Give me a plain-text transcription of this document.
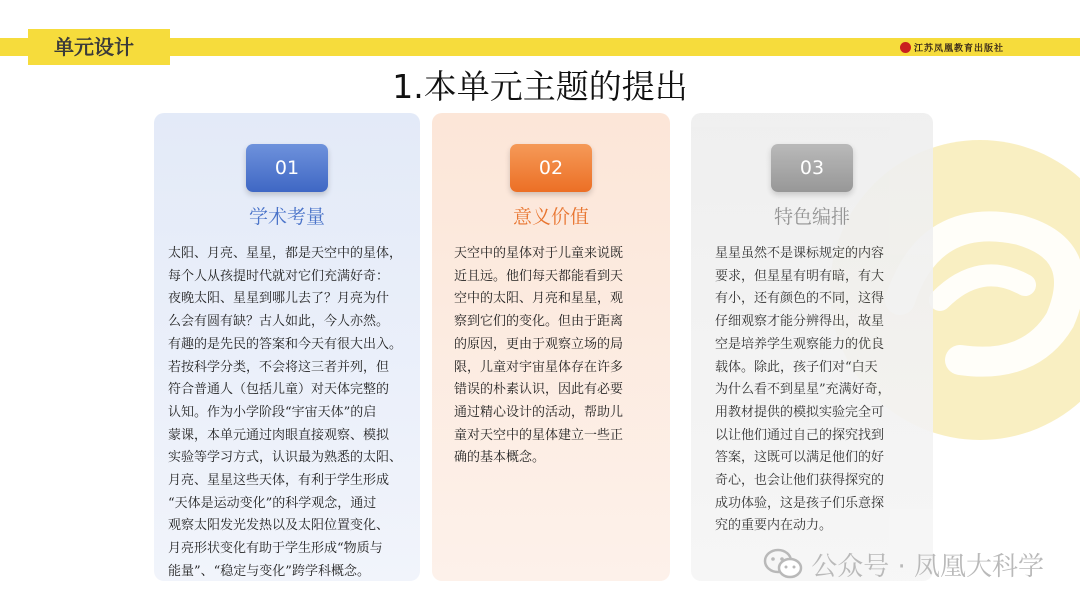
单元设计	江苏凤凰教育出版社
1.本单元主题的提出
01
学术考量
太阳、月亮、星星，都是天空中的星体，
每个人从孩提时代就对它们充满好奇：
夜晚太阳、星星到哪儿去了？月亮为什
么会有圆有缺？古人如此，今人亦然。
有趣的是先民的答案和今天有很大出入。
若按科学分类，不会将这三者并列，但
符合普通人（包括儿童）对天体完整的
认知。作为小学阶段“宇宙天体”的启
蒙课，本单元通过肉眼直接观察、模拟
实验等学习方式，认识最为熟悉的太阳、
月亮、星星这些天体，有利于学生形成
“天体是运动变化”的科学观念，通过
观察太阳发光发热以及太阳位置变化、
月亮形状变化有助于学生形成“物质与
能量”、“稳定与变化”跨学科概念。
02
意义价值
天空中的星体对于儿童来说既
近且远。他们每天都能看到天
空中的太阳、月亮和星星，观
察到它们的变化。但由于距离
的原因，更由于观察立场的局
限，儿童对宇宙星体存在许多
错误的朴素认识，因此有必要
通过精心设计的活动，帮助儿
童对天空中的星体建立一些正
确的基本概念。
03
特色编排
星星虽然不是课标规定的内容
要求，但星星有明有暗，有大
有小，还有颜色的不同，这得
仔细观察才能分辨得出，故星
空是培养学生观察能力的优良
载体。除此，孩子们对“白天
为什么看不到星星”充满好奇，
用教材提供的模拟实验完全可
以让他们通过自己的探究找到
答案，这既可以满足他们的好
奇心，也会让他们获得探究的
成功体验，这是孩子们乐意探
究的重要内在动力。
公众号 · 凤凰大科学
